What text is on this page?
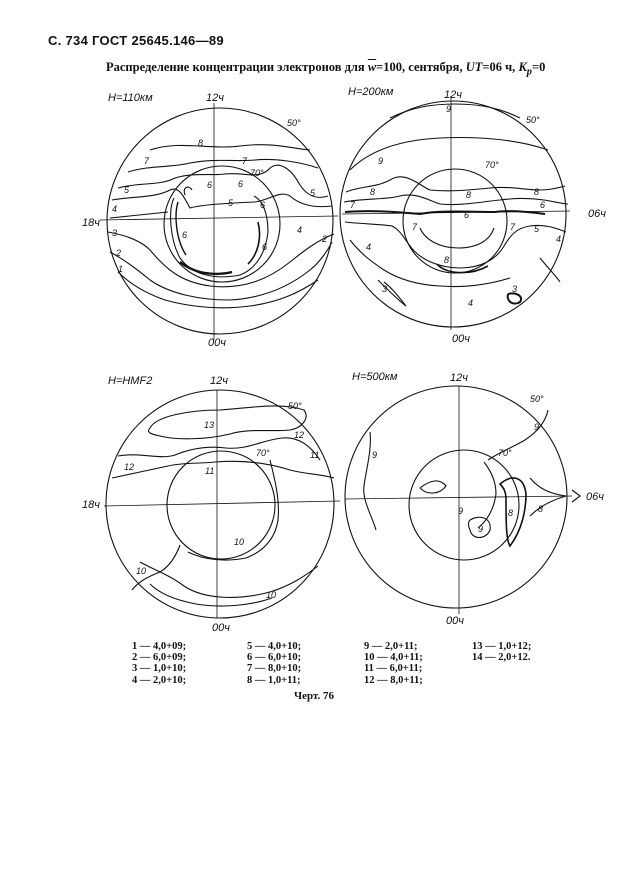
С. 734 ГОСТ 25645.146—89
Распределение концентрации электронов для $\overline{w}=100$, сентября, UT=06 ч, $K_p=0$
H=110км	12ч
00ч
18ч
50°
70°
H=200км	12ч
00ч
06ч
50°
70°
H=HMF2	12ч
00ч
18ч
50°
70°
H=500км	12ч
00ч
06ч
50°
70°
8
7	7
6	6
5
5
5
4
4
3
2
2
1
6
6
6
9
9
8	8	8
7
7	7
6
6
5
4
4
4
3	3
8
13
12
12	11
11
10
10
10
9
9
9
9
8	8
1 — 4,0+09;
2 — 6,0+09;
3 — 1,0+10;
4 — 2,0+10;
5 — 4,0+10;
6 — 6,0+10;
7 — 8,0+10;
8 — 1,0+11;
9 — 2,0+11;
10 — 4,0+11;
11 — 6,0+11;
12 — 8,0+11;
13 — 1,0+12;
14 — 2,0+12.
Черт. 76
